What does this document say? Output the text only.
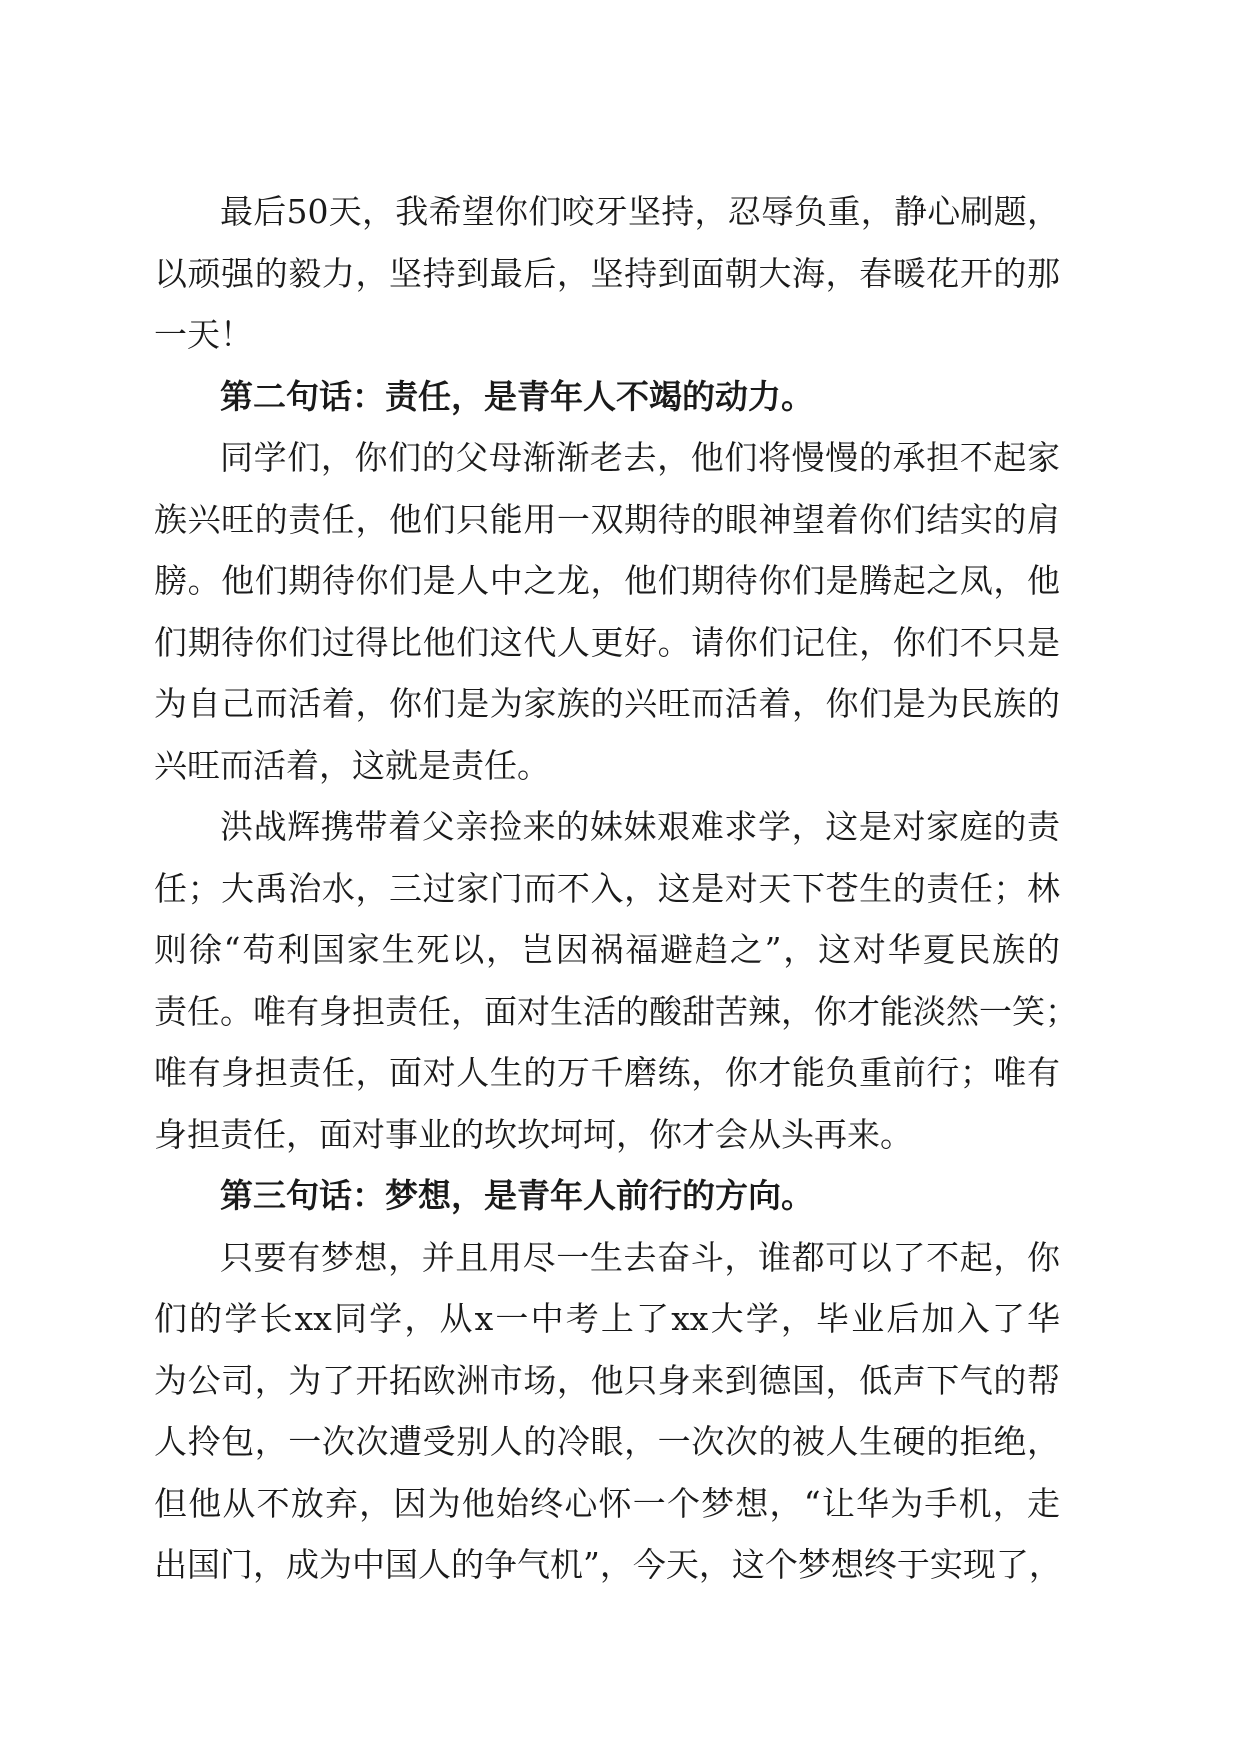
最后50天，我希望你们咬牙坚持，忍辱负重，静心刷题，
以顽强的毅力，坚持到最后，坚持到面朝大海，春暖花开的那
一天！
第二句话：责任，是青年人不竭的动力。
同学们，你们的父母渐渐老去，他们将慢慢的承担不起家
族兴旺的责任，他们只能用一双期待的眼神望着你们结实的肩
膀。他们期待你们是人中之龙，他们期待你们是腾起之凤，他
们期待你们过得比他们这代人更好。请你们记住，你们不只是
为自己而活着，你们是为家族的兴旺而活着，你们是为民族的
兴旺而活着，这就是责任。
洪战辉携带着父亲捡来的妹妹艰难求学，这是对家庭的责
任；大禹治水，三过家门而不入，这是对天下苍生的责任；林
则徐“苟利国家生死以，岂因祸福避趋之”，这对华夏民族的
责任。唯有身担责任，面对生活的酸甜苦辣，你才能淡然一笑；
唯有身担责任，面对人生的万千磨练，你才能负重前行；唯有
身担责任，面对事业的坎坎坷坷，你才会从头再来。
第三句话：梦想，是青年人前行的方向。
只要有梦想，并且用尽一生去奋斗，谁都可以了不起，你
们的学长xx同学，从x一中考上了xx大学，毕业后加入了华
为公司，为了开拓欧洲市场，他只身来到德国，低声下气的帮
人拎包，一次次遭受别人的冷眼，一次次的被人生硬的拒绝，
但他从不放弃，因为他始终心怀一个梦想，“让华为手机，走
出国门，成为中国人的争气机”，今天，这个梦想终于实现了，
